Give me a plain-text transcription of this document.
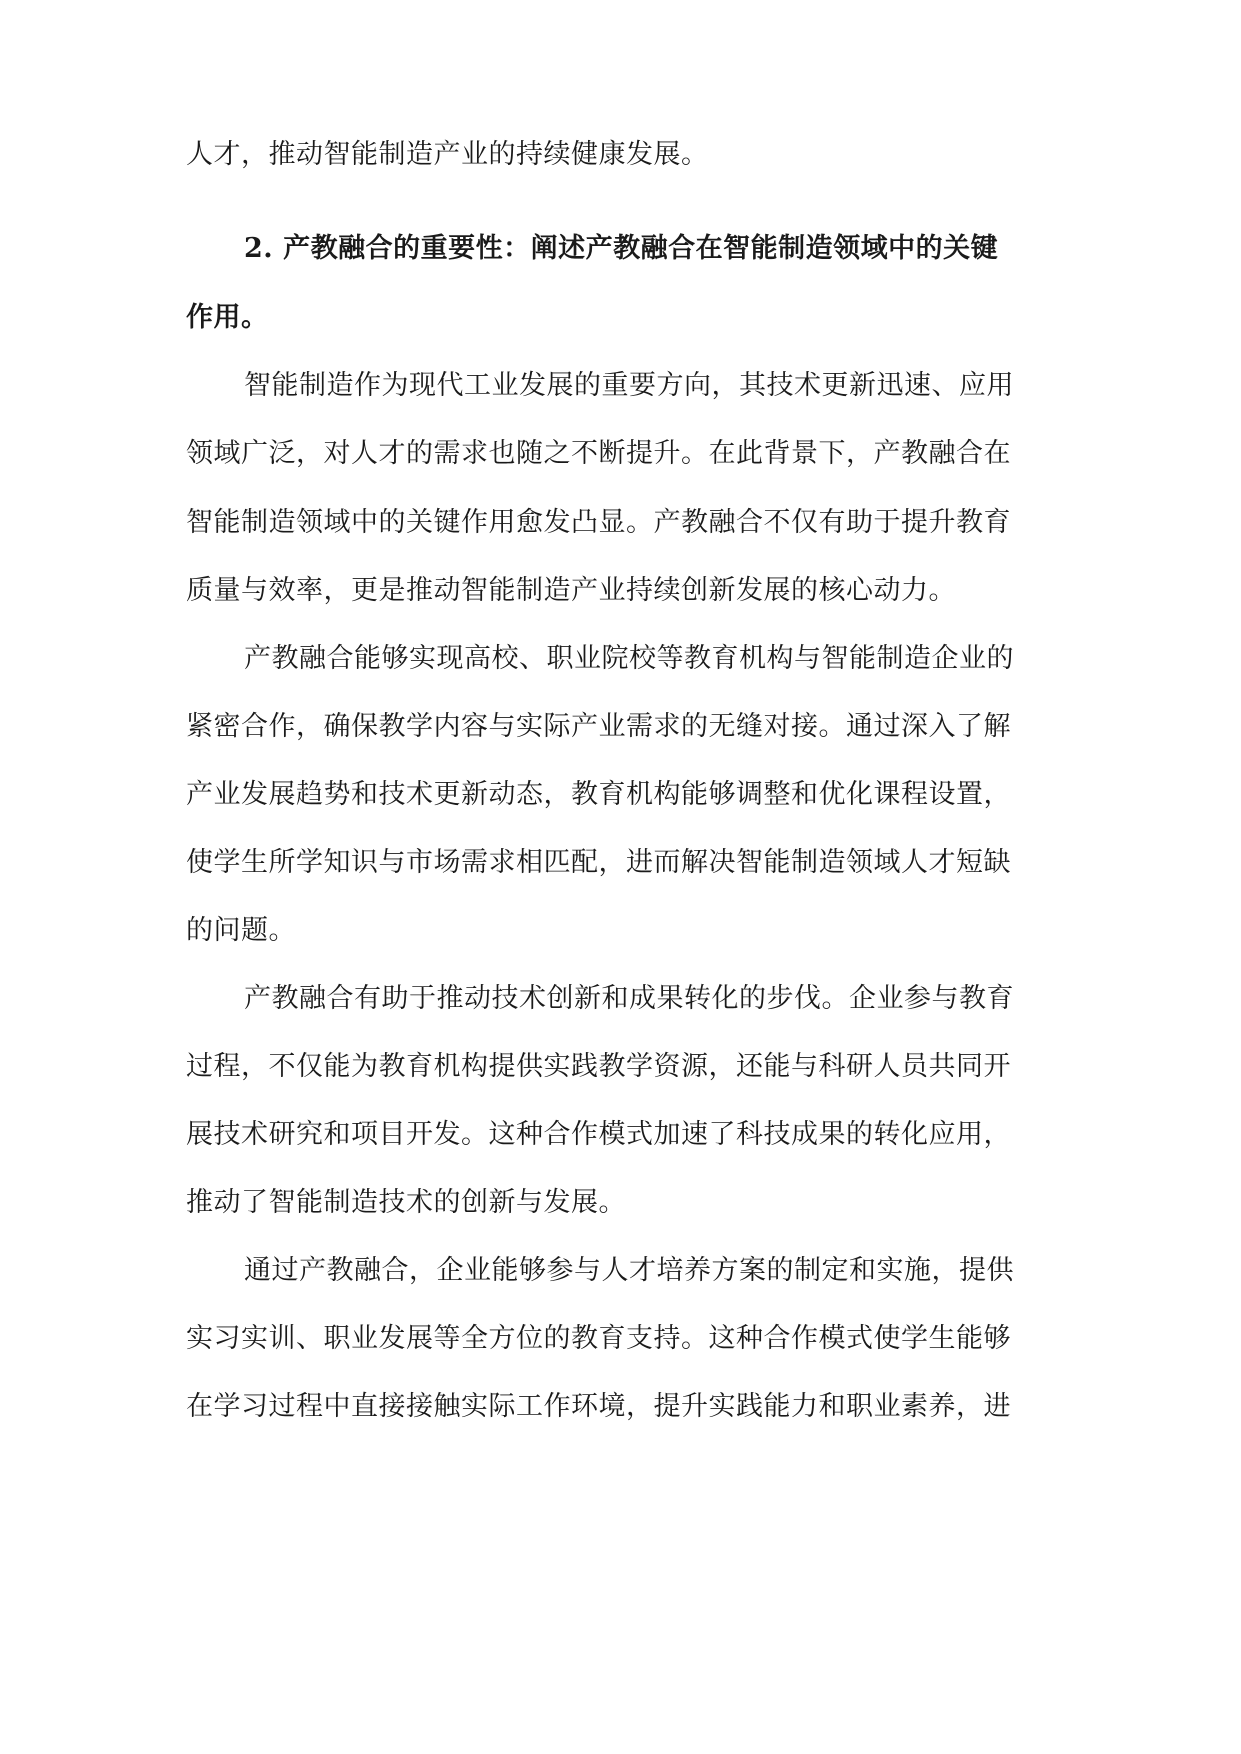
人才，推动智能制造产业的持续健康发展。
2. 产教融合的重要性：阐述产教融合在智能制造领域中的关键
作用。
智能制造作为现代工业发展的重要方向，其技术更新迅速、应用
领域广泛，对人才的需求也随之不断提升。在此背景下，产教融合在
智能制造领域中的关键作用愈发凸显。产教融合不仅有助于提升教育
质量与效率，更是推动智能制造产业持续创新发展的核心动力。
产教融合能够实现高校、职业院校等教育机构与智能制造企业的
紧密合作，确保教学内容与实际产业需求的无缝对接。通过深入了解
产业发展趋势和技术更新动态，教育机构能够调整和优化课程设置，
使学生所学知识与市场需求相匹配，进而解决智能制造领域人才短缺
的问题。
产教融合有助于推动技术创新和成果转化的步伐。企业参与教育
过程，不仅能为教育机构提供实践教学资源，还能与科研人员共同开
展技术研究和项目开发。这种合作模式加速了科技成果的转化应用，
推动了智能制造技术的创新与发展。
通过产教融合，企业能够参与人才培养方案的制定和实施，提供
实习实训、职业发展等全方位的教育支持。这种合作模式使学生能够
在学习过程中直接接触实际工作环境，提升实践能力和职业素养，进
